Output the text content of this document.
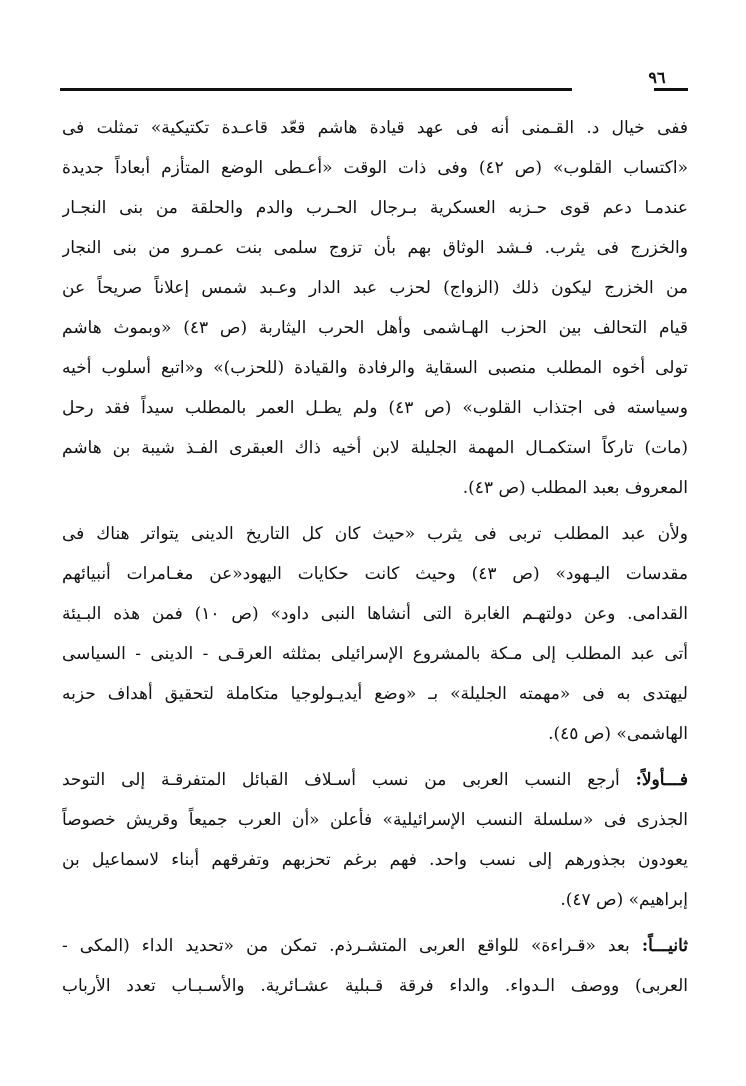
٩٦

ففى خيال د. القـمنى أنه فى عهد قيادة هاشم قعّد قاعـدة تكتيكية» تمثلت فى
«اكتساب القلوب» (ص ٤٢) وفى ذات الوقت «أعـطى الوضع المتأزم أبعاداً جديدة
عندمـا دعم قوى حـزبه العسكرية بـرجال الحـرب والدم والحلقة من بنى النجـار
والخزرج فى يثرب. فـشد الوثاق بهم بأن تزوج سلمى بنت عمـرو من بنى النجار
من الخزرج ليكون ذلك (الزواج) لحزب عبد الدار وعـبد شمس إعلاناً صريحاً عن
قيام التحالف بين الحزب الهـاشمى وأهل الحرب اليثاربة (ص ٤٣) «وبموث هاشم
تولى أخوه المطلب منصبى السقاية والرفادة والقيادة (للحزب)» و«اتبع أسلوب أخيه
وسياسته فى اجتذاب القلوب» (ص ٤٣) ولم يطـل العمر بالمطلب سيداً فقد رحل
(مات) تاركاً استكمـال المهمة الجليلة لابن أخيه ذاك العبقرى الفـذ شيبة بن هاشم
المعروف بعبد المطلب (ص ٤٣).

ولأن عبد المطلب تربى فى يثرب «حيث كان كل التاريخ الدينى يتواتر هناك فى
مقدسات اليـهود» (ص ٤٣) وحيث كانت حكايات اليهود«عن مغـامرات أنبيائهم
القدامى. وعن دولتهـم الغابرة التى أنشاها النبى داود» (ص ١٠) فمن هذه البـيئة
أتى عبد المطلب إلى مـكة بالمشروع الإسرائيلى بمثلثه العرقـى - الدينى - السياسى
ليهتدى به فى «مهمته الجليلة» بـ «وضع أيديـولوجيا متكاملة لتحقيق أهداف حزبه
الهاشمى» (ص ٤٥).

فـــأولاً: أرجع النسب العربى من نسب أسـلاف القبائل المتفرقـة إلى التوحد
الجذرى فى «سلسلة النسب الإسرائيلية» فأعلن «أن العرب جميعاً وقريش خصوصاً
يعودون بجذورهم إلى نسب واحد. فهم برغم تحزبهم وتفرقهم أبناء لاسماعيل بن
إبراهيم» (ص ٤٧).

ثانيـــاً: بعد «قـراءة» للواقع العربى المتشـرذم. تمكن من «تحديد الداء (المكى -
العربى) ووصف الـدواء. والداء فرقة قـبلية عشـائرية. والأسـبـاب تعدد الأرباب
